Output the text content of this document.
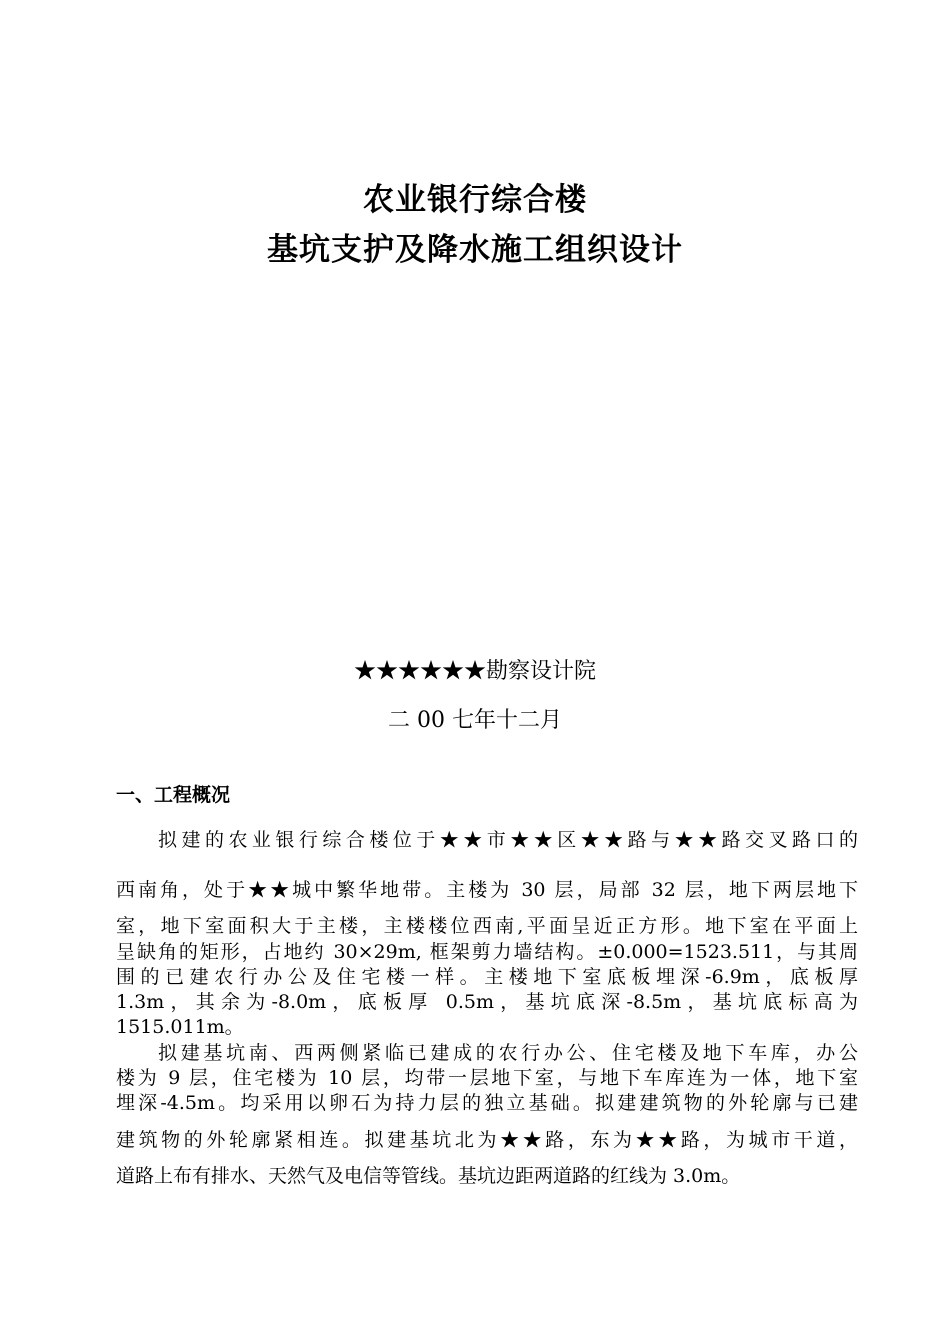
农业银行综合楼
基坑支护及降水施工组织设计
★★★★★★勘察设计院
二 00 七年十二月
一、工程概况
拟建的农业银行综合楼位于★★市★★区★★路与★★路交叉路口的
西南角，处于★★城中繁华地带。主楼为 30 层，局部 32 层，地下两层地下
室，地下室面积大于主楼，主楼楼位西南,平面呈近正方形。地下室在平面上
呈缺角的矩形，占地约 30×29m, 框架剪力墙结构。±0.000=1523.511，与其周
围的已建农行办公及住宅楼一样。主楼地下室底板埋深-6.9m，底板厚
1.3m，其余为-8.0m，底板厚 0.5m，基坑底深-8.5m，基坑底标高为
1515.011m。
拟建基坑南、西两侧紧临已建成的农行办公、住宅楼及地下车库，办公
楼为 9 层，住宅楼为 10 层，均带一层地下室，与地下车库连为一体，地下室
埋深-4.5m。均采用以卵石为持力层的独立基础。拟建建筑物的外轮廓与已建
建筑物的外轮廓紧相连。拟建基坑北为★★路，东为★★路，为城市干道，
道路上布有排水、天然气及电信等管线。基坑边距两道路的红线为 3.0m。
